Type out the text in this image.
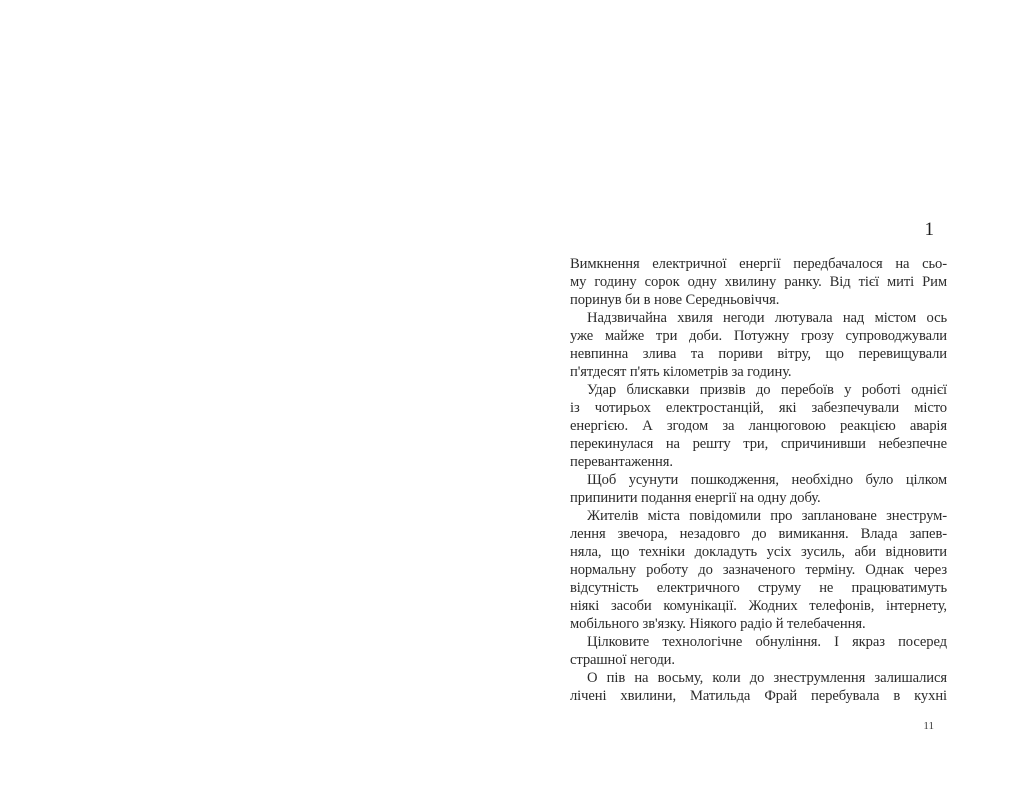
1
Вимкнення електричної енергії передбачалося на сьо-
му годину сорок одну хвилину ранку. Від тієї миті Рим
поринув би в нове Середньовіччя.
Надзвичайна хвиля негоди лютувала над містом ось
уже майже три доби. Потужну грозу супроводжували
невпинна злива та пориви вітру, що перевищували
п'ятдесят п'ять кілометрів за годину.
Удар блискавки призвів до перебоїв у роботі однієї
із чотирьох електростанцій, які забезпечували місто
енергією. А згодом за ланцюговою реакцією аварія
перекинулася на решту три, спричинивши небезпечне
перевантаження.
Щоб усунути пошкодження, необхідно було цілком
припинити подання енергії на одну добу.
Жителів міста повідомили про заплановане знеструм-
лення звечора, незадовго до вимикання. Влада запев-
няла, що техніки докладуть усіх зусиль, аби відновити
нормальну роботу до зазначеного терміну. Однак через
відсутність електричного струму не працюватимуть
ніякі засоби комунікації. Жодних телефонів, інтернету,
мобільного зв'язку. Ніякого радіо й телебачення.
Цілковите технологічне обнуління. І якраз посеред
страшної негоди.
О пів на восьму, коли до знеструмлення залишалися
лічені хвилини, Матильда Фрай перебувала в кухні
11
